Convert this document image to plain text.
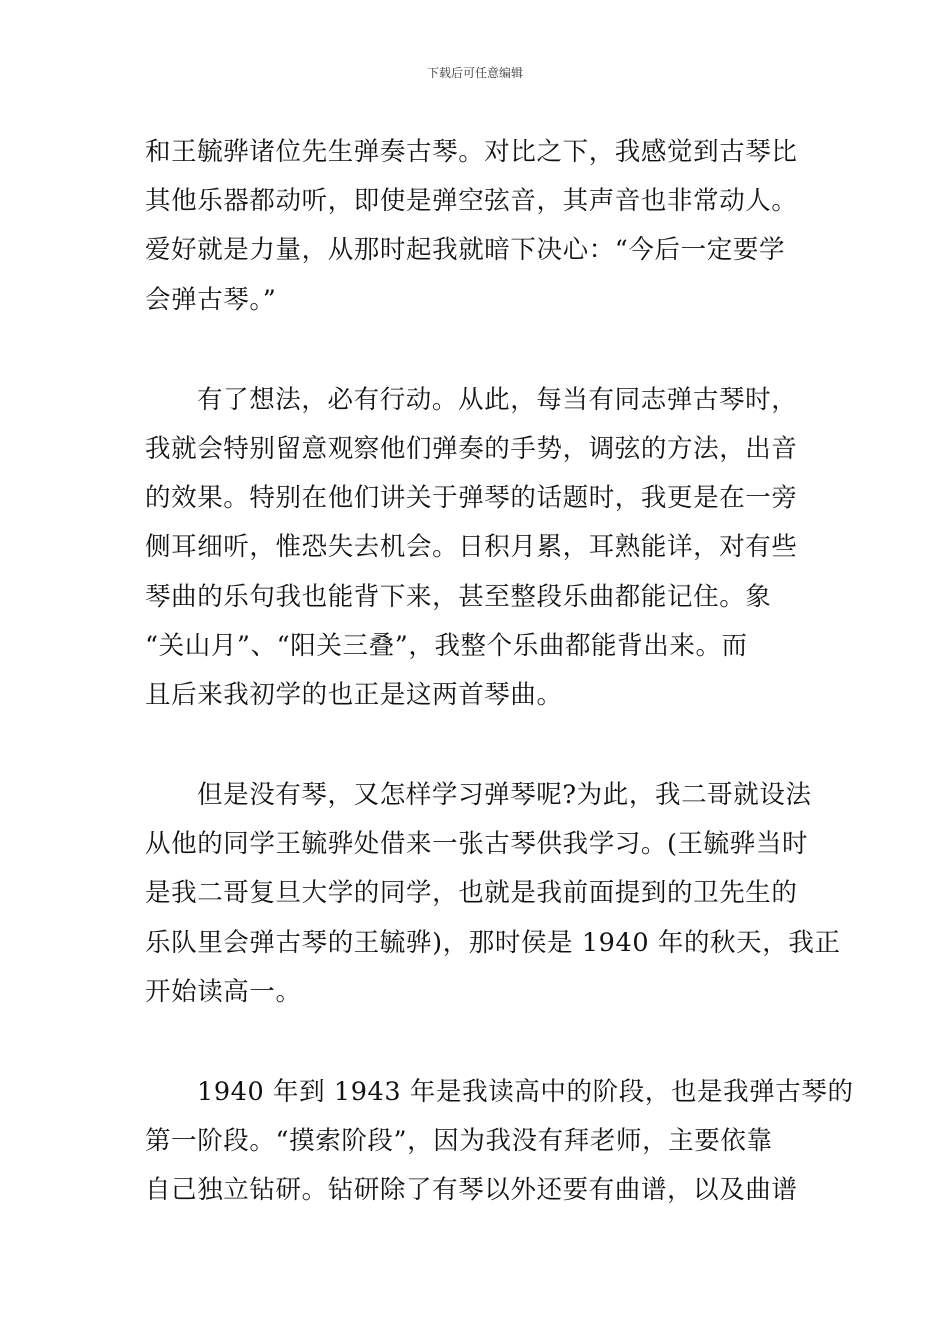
下载后可任意编辑
和王毓骅诸位先生弹奏古琴。对比之下，我感觉到古琴比
其他乐器都动听，即使是弹空弦音，其声音也非常动人。
爱好就是力量，从那时起我就暗下决心：“今后一定要学
会弹古琴。”
有了想法，必有行动。从此，每当有同志弹古琴时，
我就会特别留意观察他们弹奏的手势，调弦的方法，出音
的效果。特别在他们讲关于弹琴的话题时，我更是在一旁
侧耳细听，惟恐失去机会。日积月累，耳熟能详，对有些
琴曲的乐句我也能背下来，甚至整段乐曲都能记住。象
“关山月”、“阳关三叠”，我整个乐曲都能背出来。而
且后来我初学的也正是这两首琴曲。
但是没有琴，又怎样学习弹琴呢?为此，我二哥就设法
从他的同学王毓骅处借来一张古琴供我学习。(王毓骅当时
是我二哥复旦大学的同学，也就是我前面提到的卫先生的
乐队里会弹古琴的王毓骅)，那时侯是 1940 年的秋天，我正
开始读高一。
1940 年到 1943 年是我读高中的阶段，也是我弹古琴的
第一阶段。“摸索阶段”，因为我没有拜老师，主要依靠
自己独立钻研。钻研除了有琴以外还要有曲谱，以及曲谱
